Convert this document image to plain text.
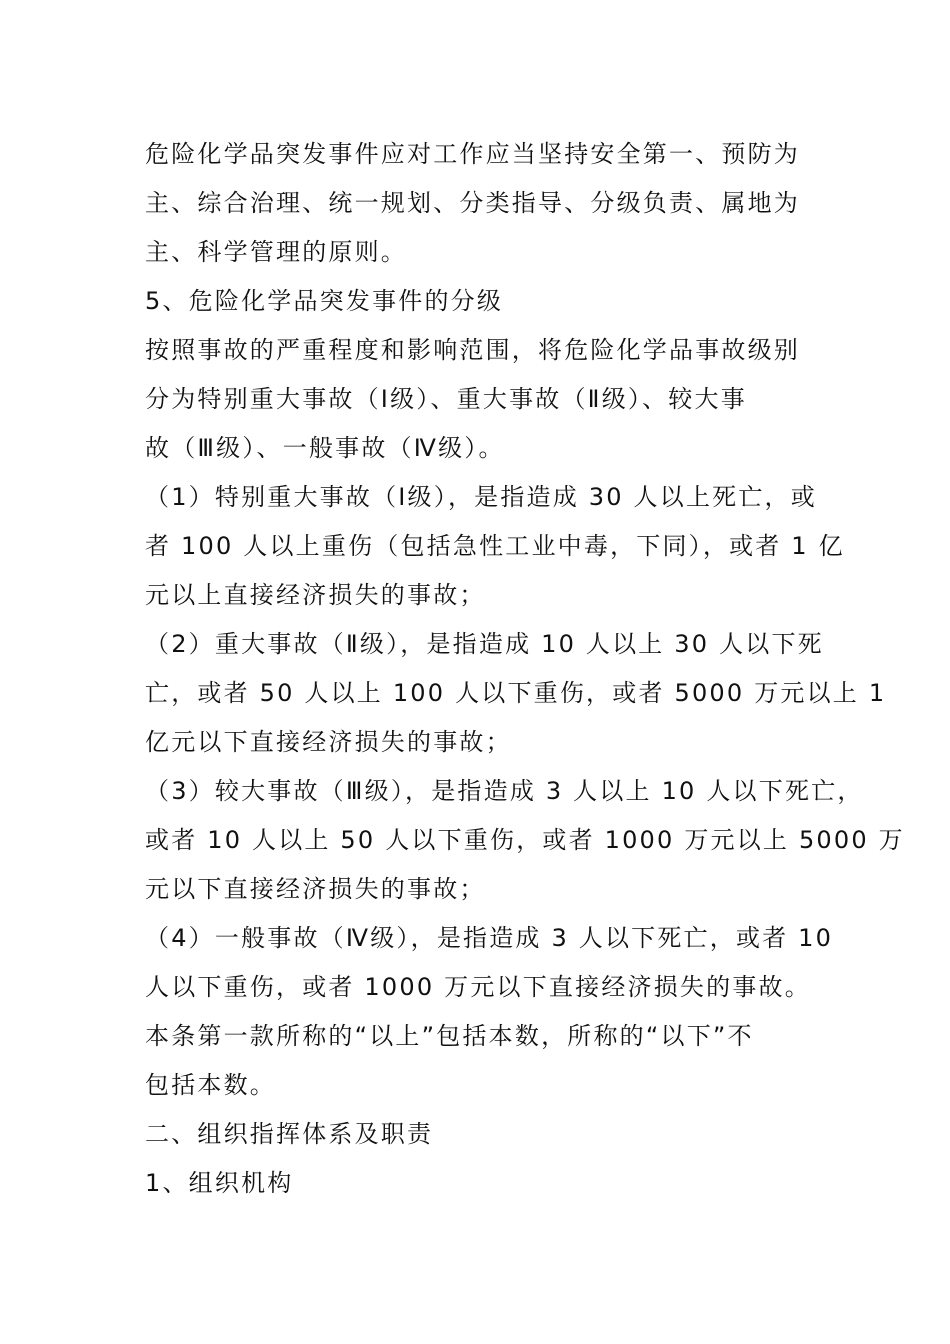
危险化学品突发事件应对工作应当坚持安全第一、预防为
主、综合治理、统一规划、分类指导、分级负责、属地为
主、科学管理的原则。
5、危险化学品突发事件的分级
按照事故的严重程度和影响范围，将危险化学品事故级别
分为特别重大事故（Ⅰ级）、重大事故（Ⅱ级）、较大事
故（Ⅲ级）、一般事故（Ⅳ级）。
（1）特别重大事故（Ⅰ级），是指造成 30 人以上死亡，或
者 100 人以上重伤（包括急性工业中毒，下同），或者 1 亿
元以上直接经济损失的事故；
（2）重大事故（Ⅱ级），是指造成 10 人以上 30 人以下死
亡，或者 50 人以上 100 人以下重伤，或者 5000 万元以上 1
亿元以下直接经济损失的事故；
（3）较大事故（Ⅲ级），是指造成 3 人以上 10 人以下死亡，
或者 10 人以上 50 人以下重伤，或者 1000 万元以上 5000 万
元以下直接经济损失的事故；
（4）一般事故（Ⅳ级），是指造成 3 人以下死亡，或者 10
人以下重伤，或者 1000 万元以下直接经济损失的事故。
本条第一款所称的“以上”包括本数，所称的“以下”不
包括本数。
二、组织指挥体系及职责
1、组织机构
